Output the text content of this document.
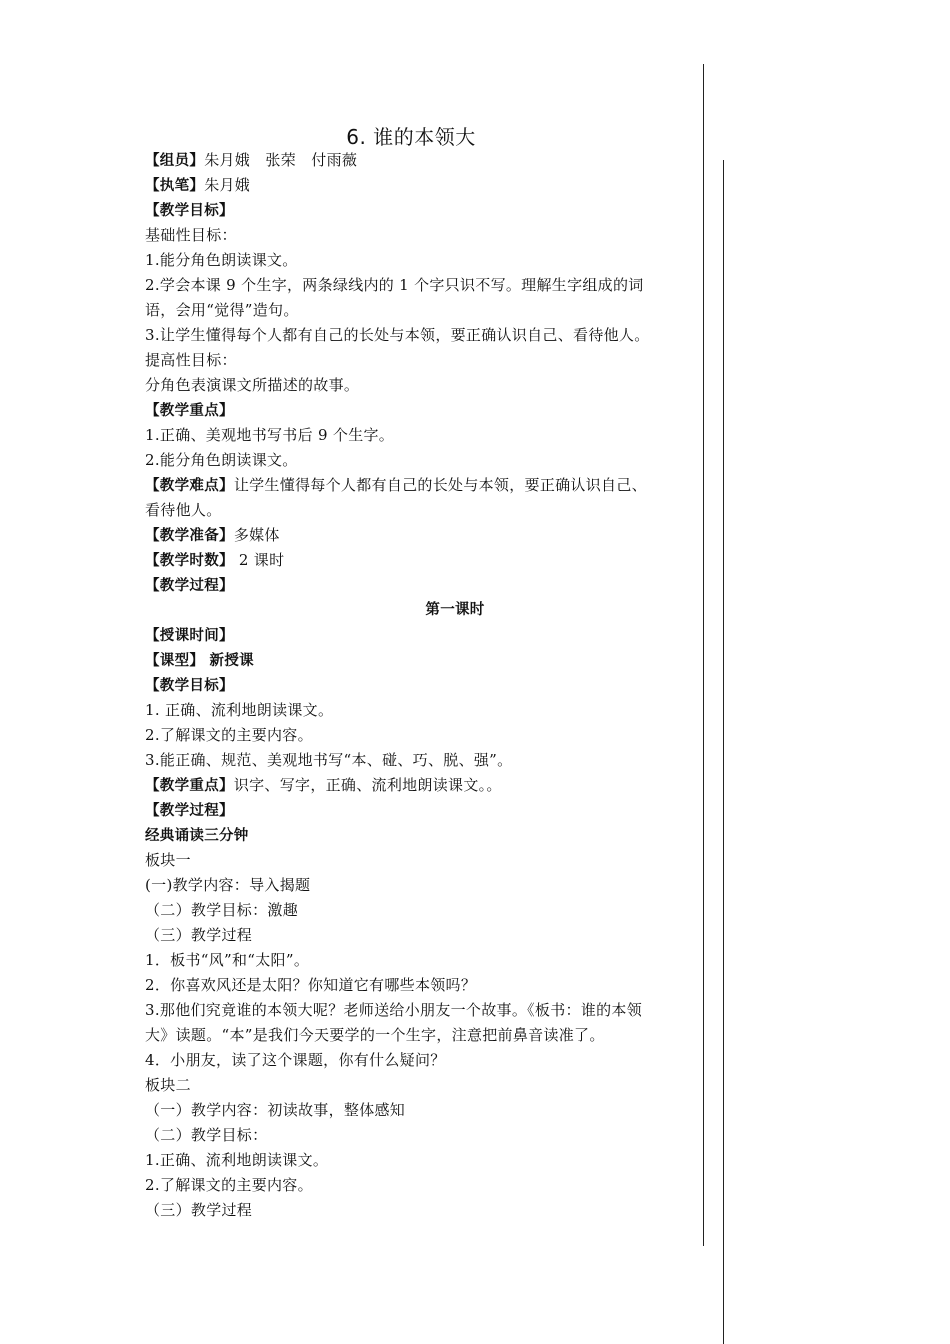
6. 谁的本领大
【组员】朱月娥　张荣　付雨薇
【执笔】朱月娥
【教学目标】
基础性目标：
1.能分角色朗读课文。
2.学会本课 9 个生字，两条绿线内的 1 个字只识不写。理解生字组成的词
语，会用“觉得”造句。
3.让学生懂得每个人都有自己的长处与本领，要正确认识自己、看待他人。
提高性目标：
分角色表演课文所描述的故事。
【教学重点】
1.正确、美观地书写书后 9 个生字。
2.能分角色朗读课文。
【教学难点】让学生懂得每个人都有自己的长处与本领，要正确认识自己、
看待他人。
【教学准备】多媒体
【教学时数】 2 课时
【教学过程】
第一课时
【授课时间】
【课型】 新授课
【教学目标】
1. 正确、流利地朗读课文。
2.了解课文的主要内容。
3.能正确、规范、美观地书写“本、碰、巧、脱、强”。
【教学重点】识字、写字，正确、流利地朗读课文。。
【教学过程】
经典诵读三分钟
板块一
(一)教学内容：导入揭题
（二）教学目标：激趣
（三）教学过程
1．板书“风”和“太阳”。
2．你喜欢风还是太阳？你知道它有哪些本领吗？
3.那他们究竟谁的本领大呢？老师送给小朋友一个故事。《板书：谁的本领
大》读题。“本”是我们今天要学的一个生字，注意把前鼻音读准了。
4．小朋友，读了这个课题，你有什么疑问？
板块二
（一）教学内容：初读故事，整体感知
（二）教学目标：
1.正确、流利地朗读课文。
2.了解课文的主要内容。
（三）教学过程
